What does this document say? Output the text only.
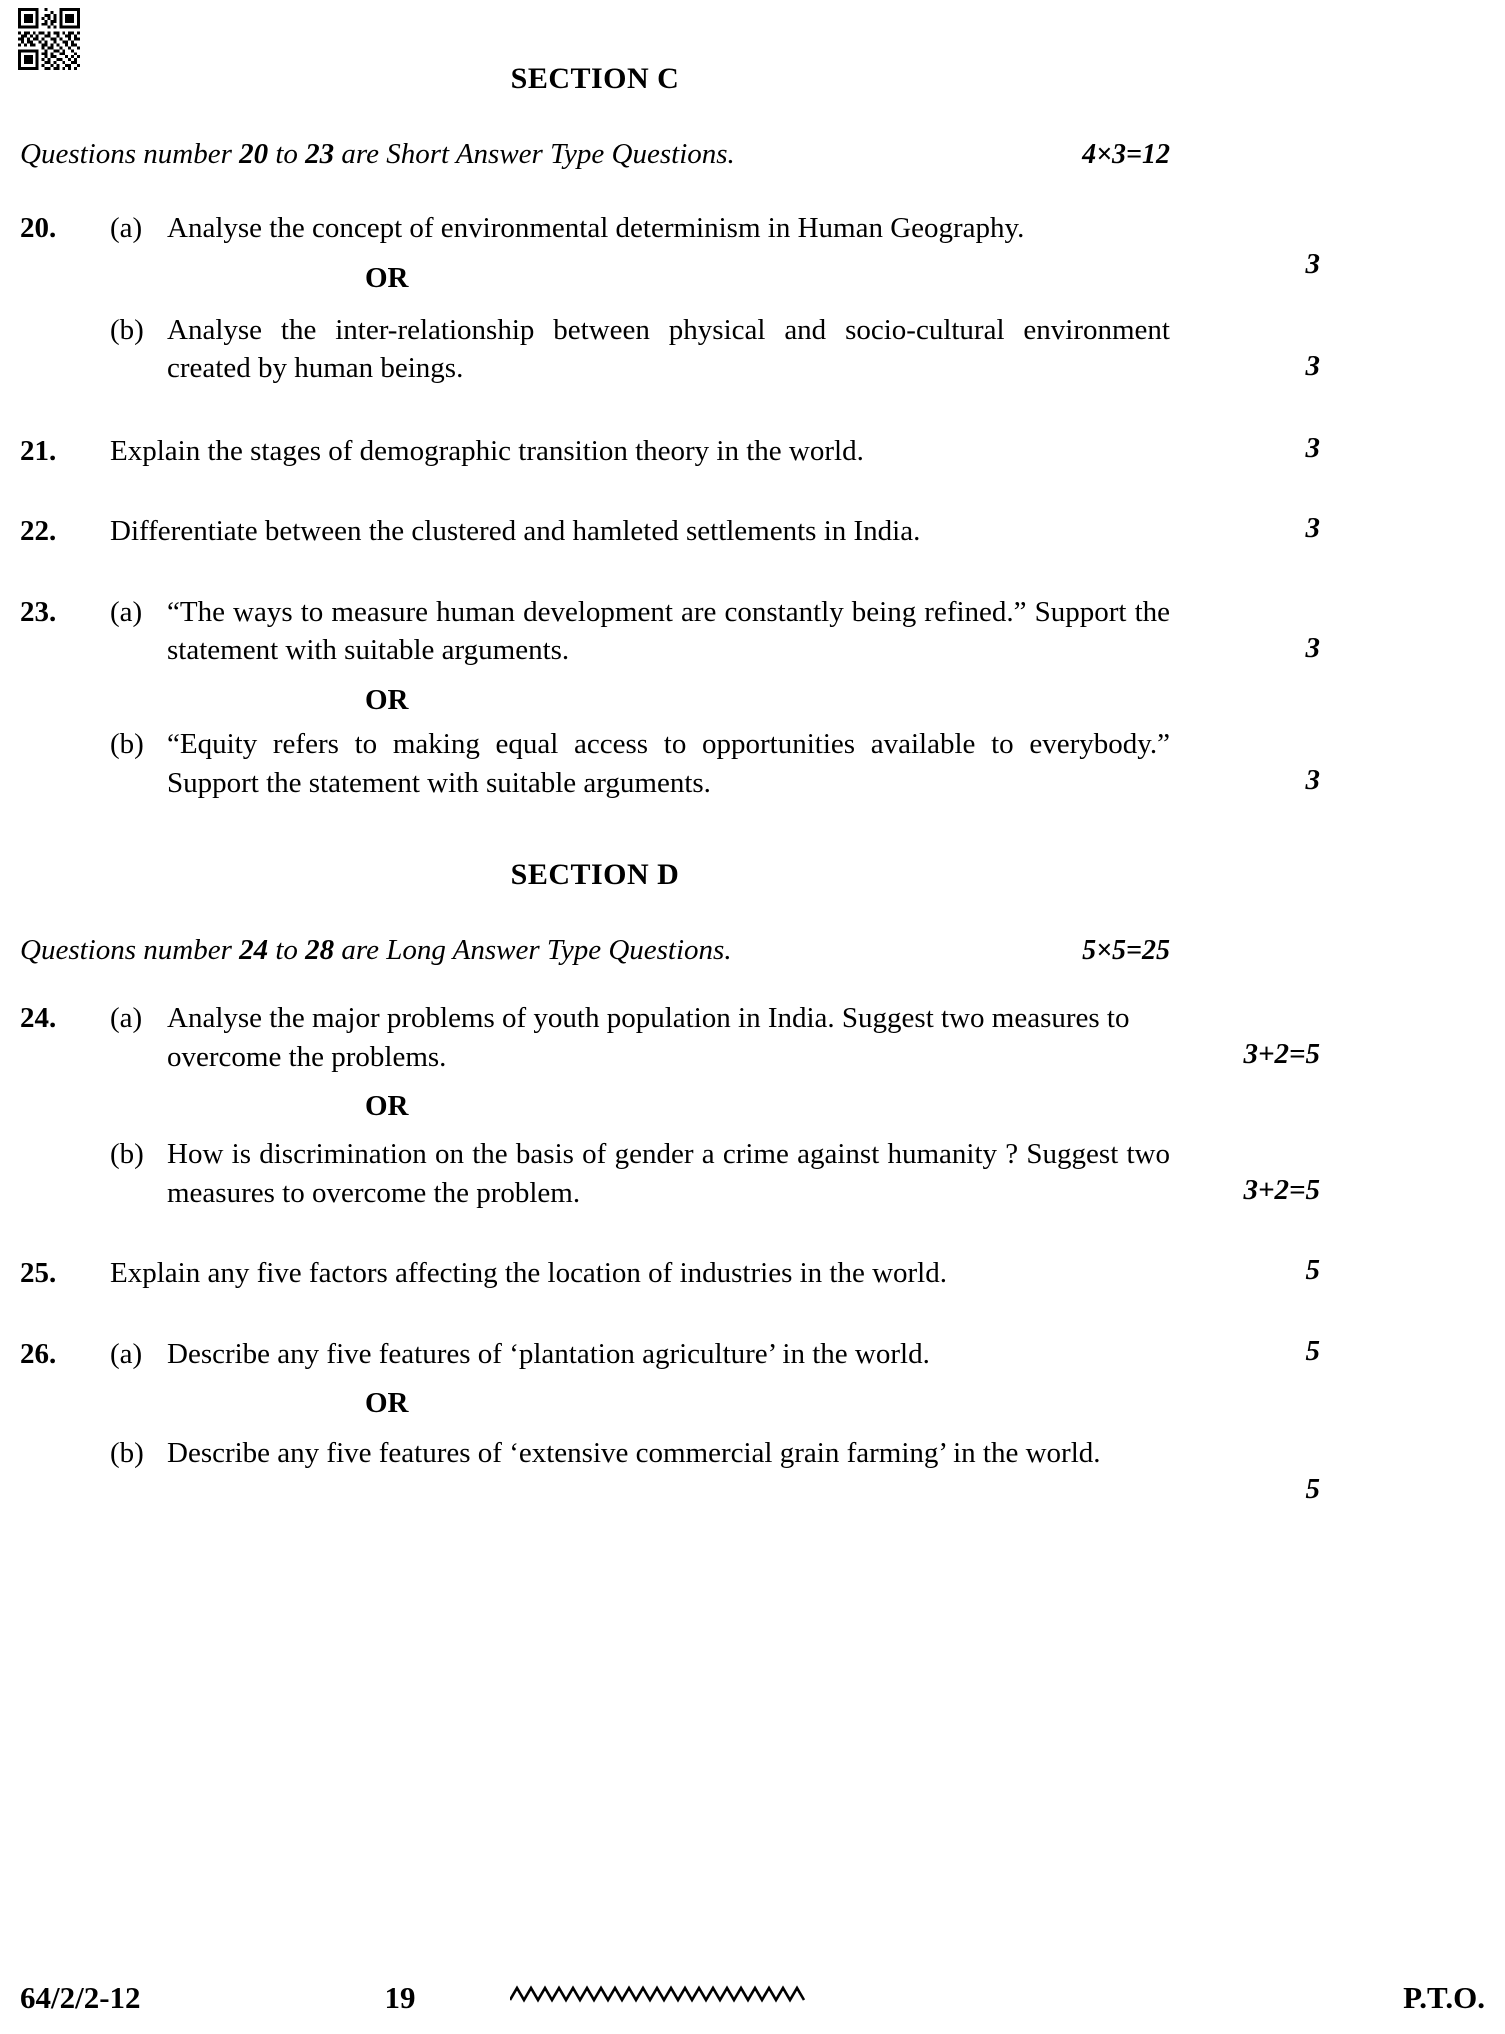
SECTION C
Questions number 20 to 23 are Short Answer Type Questions.	4×3=12
20.	(a) Analyse the concept of environmental determinism in Human Geography.
3
OR
(b) Analyse the inter-relationship between physical and socio-cultural environment created by human beings.	3
21.	Explain the stages of demographic transition theory in the world.	3
22.	Differentiate between the clustered and hamleted settlements in India.	3
23.	(a) “The ways to measure human development are constantly being refined.” Support the statement with suitable arguments.	3
OR
(b) “Equity refers to making equal access to opportunities available to everybody.” Support the statement with suitable arguments.	3
SECTION D
Questions number 24 to 28 are Long Answer Type Questions.	5×5=25
24.	(a) Analyse the major problems of youth population in India. Suggest two measures to overcome the problems.	3+2=5
OR
(b) How is discrimination on the basis of gender a crime against humanity ? Suggest two measures to overcome the problem.	3+2=5
25.	Explain any five factors affecting the location of industries in the world.	5
26.	(a) Describe any five features of ‘plantation agriculture’ in the world.	5
OR
(b) Describe any five features of ‘extensive commercial grain farming’ in the world.
5
64/2/2-12	19	P.T.O.
